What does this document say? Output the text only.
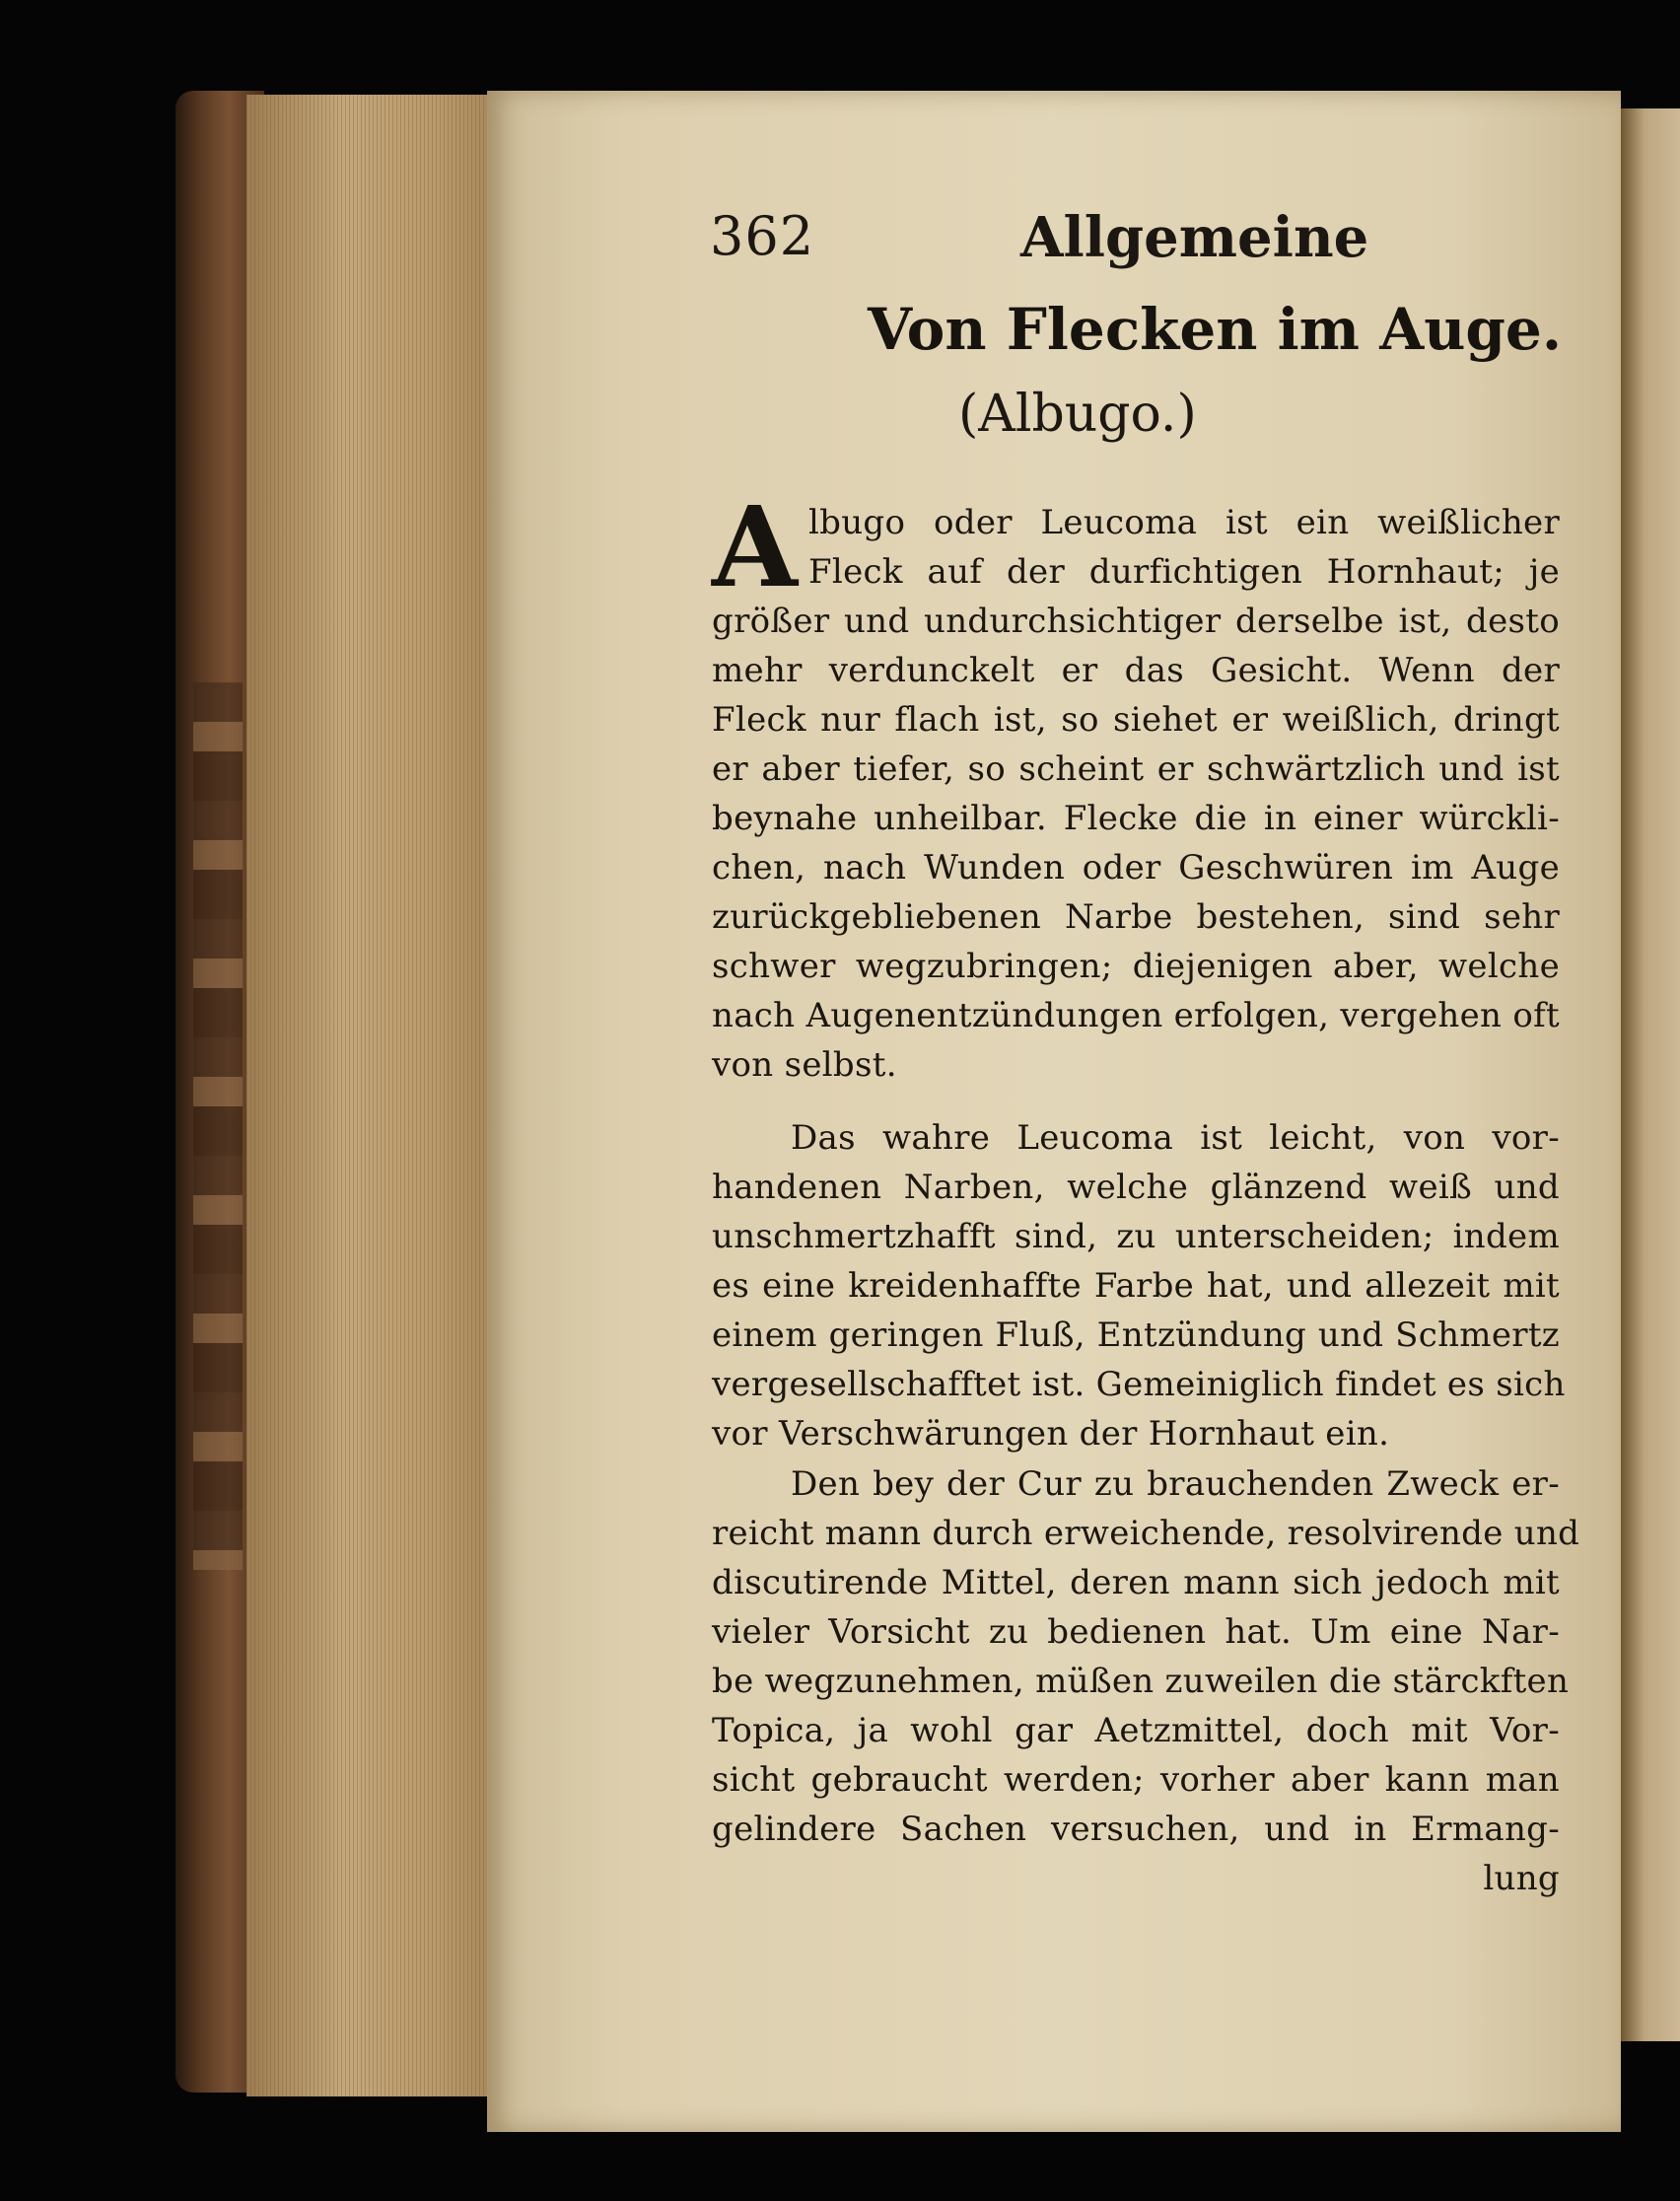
362	Allgemeine
Von Flecken im Auge.
(Albugo.)
A lbugo oder Leucoma ist ein weißlicher
Fleck auf der durfichtigen Hornhaut; je
größer und undurchsichtiger derselbe ist, desto
mehr verdunckelt er das Gesicht. Wenn der
Fleck nur flach ist, so siehet er weißlich, dringt
er aber tiefer, so scheint er schwärtzlich und ist
beynahe unheilbar. Flecke die in einer würckli-
chen, nach Wunden oder Geschwüren im Auge
zurückgebliebenen Narbe bestehen, sind sehr
schwer wegzubringen; diejenigen aber, welche
nach Augenentzündungen erfolgen, vergehen oft
von selbst.
Das wahre Leucoma ist leicht, von vor-
handenen Narben, welche glänzend weiß und
unschmertzhafft sind, zu unterscheiden; indem
es eine kreidenhaffte Farbe hat, und allezeit mit
einem geringen Fluß, Entzündung und Schmertz
vergesellschafftet ist. Gemeiniglich findet es sich
vor Verschwärungen der Hornhaut ein.
Den bey der Cur zu brauchenden Zweck er-
reicht mann durch erweichende, resolvirende und
discutirende Mittel, deren mann sich jedoch mit
vieler Vorsicht zu bedienen hat. Um eine Nar-
be wegzunehmen, müßen zuweilen die stärckften
Topica, ja wohl gar Aetzmittel, doch mit Vor-
sicht gebraucht werden; vorher aber kann man
gelindere Sachen versuchen, und in Ermang-
lung
